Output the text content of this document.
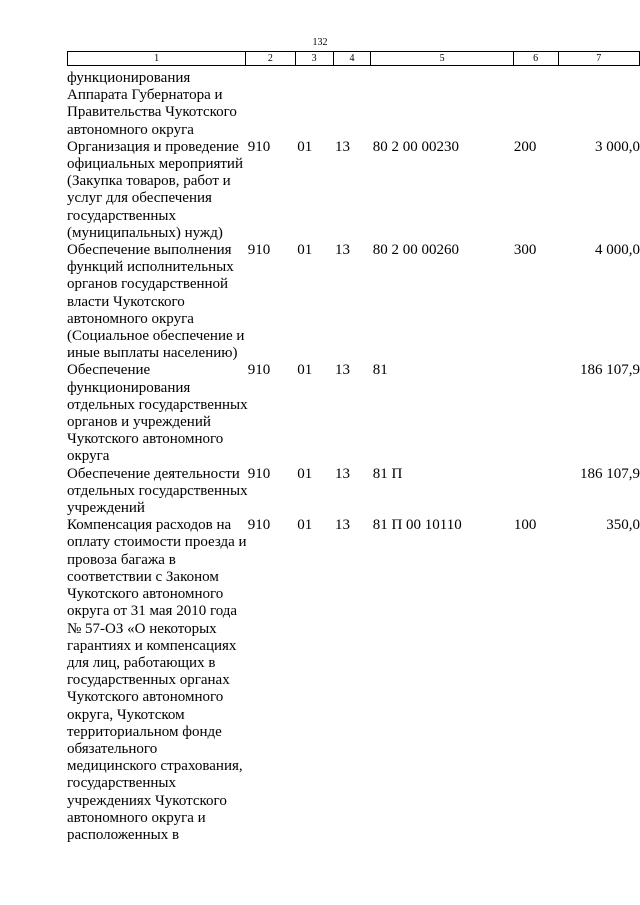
132
1	2	3	4	5	6	7
функционирования Аппарата Губернатора и Правительства Чукотского автономного округа						
Организация и проведение официальных мероприятий (Закупка товаров, работ и услуг для обеспечения государственных (муниципальных) нужд)	910	01	13	80 2 00 00230	200	3 000,0
Обеспечение выполнения функций исполнительных органов государственной власти Чукотского автономного округа (Социальное обеспечение и иные выплаты населению)	910	01	13	80 2 00 00260	300	4 000,0
Обеспечение функционирования отдельных государственных органов и учреждений Чукотского автономного округа	910	01	13	81		186 107,9
Обеспечение деятельности отдельных государственных учреждений	910	01	13	81 П		186 107,9
Компенсация расходов на оплату стоимости проезда и провоза багажа в соответствии с Законом Чукотского автономного округа от 31 мая 2010 года № 57-ОЗ «О некоторых гарантиях и компенсациях для лиц, работающих в государственных органах Чукотского автономного округа, Чукотском территориальном фонде обязательного медицинского страхования, государственных учреждениях Чукотского автономного округа и расположенных в	910	01	13	81 П 00 10110	100	350,0
